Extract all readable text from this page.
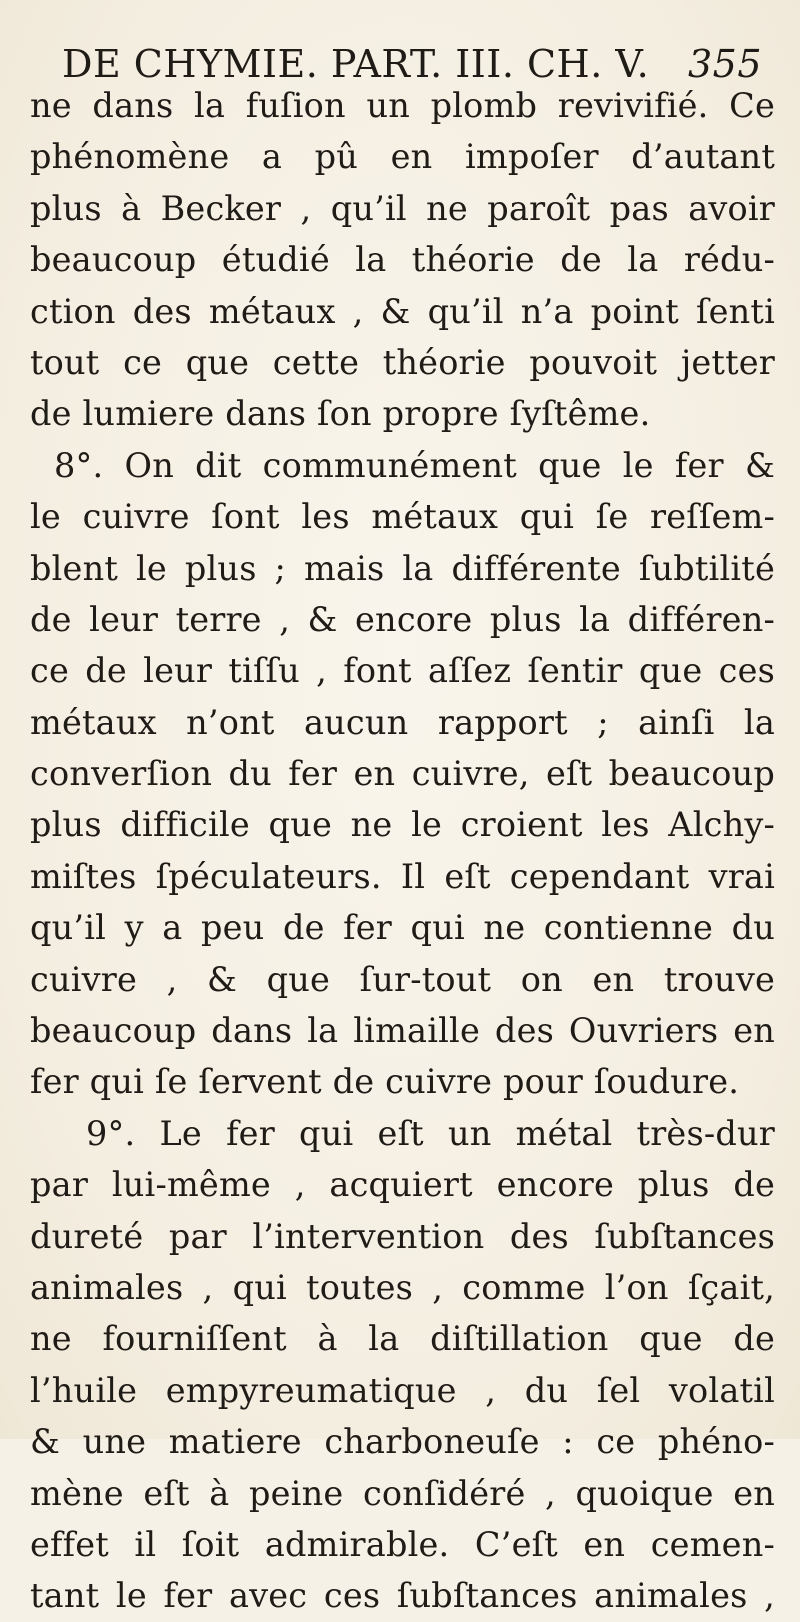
DE CHYMIE. PART. III. CH. V. 355
ne dans la fuſion un plomb revivifié. Ce
phénomène a pû en impoſer d’autant
plus à Becker , qu’il ne paroît pas avoir
beaucoup étudié la théorie de la rédu-
ction des métaux , & qu’il n’a point ſenti
tout ce que cette théorie pouvoit jetter
de lumiere dans ſon propre ſyſtême.
8°. On dit communément que le fer &
le cuivre ſont les métaux qui ſe reſſem-
blent le plus ; mais la différente ſubtilité
de leur terre , & encore plus la différen-
ce de leur tiſſu , font aſſez ſentir que ces
métaux n’ont aucun rapport ; ainſi la
converſion du fer en cuivre, eſt beaucoup
plus difficile que ne le croient les Alchy-
miſtes ſpéculateurs. Il eſt cependant vrai
qu’il y a peu de fer qui ne contienne du
cuivre , & que ſur-tout on en trouve
beaucoup dans la limaille des Ouvriers en
fer qui ſe ſervent de cuivre pour ſoudure.
9°. Le fer qui eſt un métal très-dur
par lui-même , acquiert encore plus de
dureté par l’intervention des ſubſtances
animales , qui toutes , comme l’on ſçait,
ne fourniſſent à la diſtillation que de
l’huile empyreumatique , du ſel volatil
& une matiere charboneuſe : ce phéno-
mène eſt à peine conſidéré , quoique en
effet il ſoit admirable. C’eſt en cemen-
tant le fer avec ces ſubſtances animales ,
